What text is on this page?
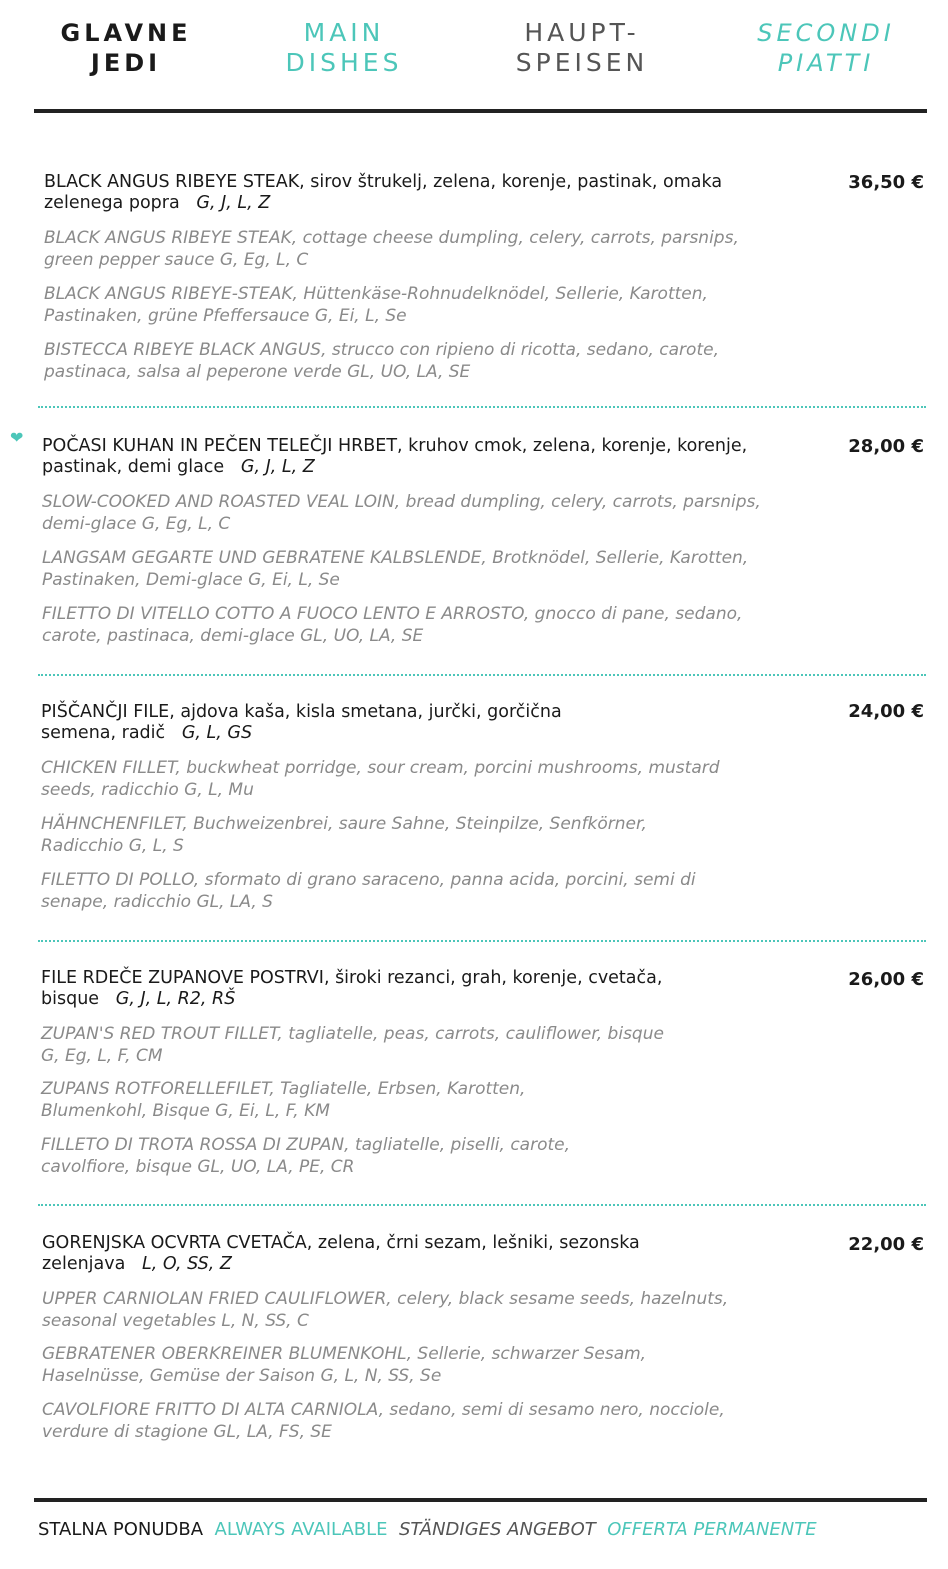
GLAVNE
JEDI
MAIN
DISHES
HAUPT-
SPEISEN
SECONDI
PIATTI
BLACK ANGUS RIBEYE STEAK, sirov štrukelj, zelena, korenje, pastinak, omaka zelenega popra G, J, L, Z
36,50 €
BLACK ANGUS RIBEYE STEAK, cottage cheese dumpling, celery, carrots, parsnips, green pepper sauce G, Eg, L, C
BLACK ANGUS RIBEYE-STEAK, Hüttenkäse-Rohnudelknödel, Sellerie, Karotten, Pastinaken, grüne Pfeffersauce G, Ei, L, Se
BISTECCA RIBEYE BLACK ANGUS, strucco con ripieno di ricotta, sedano, carote, pastinaca, salsa al peperone verde GL, UO, LA, SE
❤ POČASI KUHAN IN PEČEN TELEČJI HRBET, kruhov cmok, zelena, korenje, korenje, pastinak, demi glace G, J, L, Z
28,00 €
SLOW-COOKED AND ROASTED VEAL LOIN, bread dumpling, celery, carrots, parsnips, demi-glace G, Eg, L, C
LANGSAM GEGARTE UND GEBRATENE KALBSLENDE, Brotknödel, Sellerie, Karotten, Pastinaken, Demi-glace G, Ei, L, Se
FILETTO DI VITELLO COTTO A FUOCO LENTO E ARROSTO, gnocco di pane, sedano, carote, pastinaca, demi-glace GL, UO, LA, SE
PIŠČANČJI FILE, ajdova kaša, kisla smetana, jurčki, gorčična semena, radič G, L, GS
24,00 €
CHICKEN FILLET, buckwheat porridge, sour cream, porcini mushrooms, mustard seeds, radicchio G, L, Mu
HÄHNCHENFILET, Buchweizenbrei, saure Sahne, Steinpilze, Senfkörner, Radicchio G, L, S
FILETTO DI POLLO, sformato di grano saraceno, panna acida, porcini, semi di senape, radicchio GL, LA, S
FILE RDEČE ZUPANOVE POSTRVI, široki rezanci, grah, korenje, cvetača, bisque G, J, L, R2, RŠ
26,00 €
ZUPAN'S RED TROUT FILLET, tagliatelle, peas, carrots, cauliflower, bisque G, Eg, L, F, CM
ZUPANS ROTFORELLEFILET, Tagliatelle, Erbsen, Karotten, Blumenkohl, Bisque G, Ei, L, F, KM
FILLETO DI TROTA ROSSA DI ZUPAN, tagliatelle, piselli, carote, cavolfiore, bisque GL, UO, LA, PE, CR
GORENJSKA OCVRTA CVETAČA, zelena, črni sezam, lešniki, sezonska zelenjava L, O, SS, Z
22,00 €
UPPER CARNIOLAN FRIED CAULIFLOWER, celery, black sesame seeds, hazelnuts, seasonal vegetables L, N, SS, C
GEBRATENER OBERKREINER BLUMENKOHL, Sellerie, schwarzer Sesam, Haselnüsse, Gemüse der Saison G, L, N, SS, Se
CAVOLFIORE FRITTO DI ALTA CARNIOLA, sedano, semi di sesamo nero, nocciole, verdure di stagione GL, LA, FS, SE
STALNA PONUDBA ALWAYS AVAILABLE STÄNDIGES ANGEBOT OFFERTA PERMANENTE
